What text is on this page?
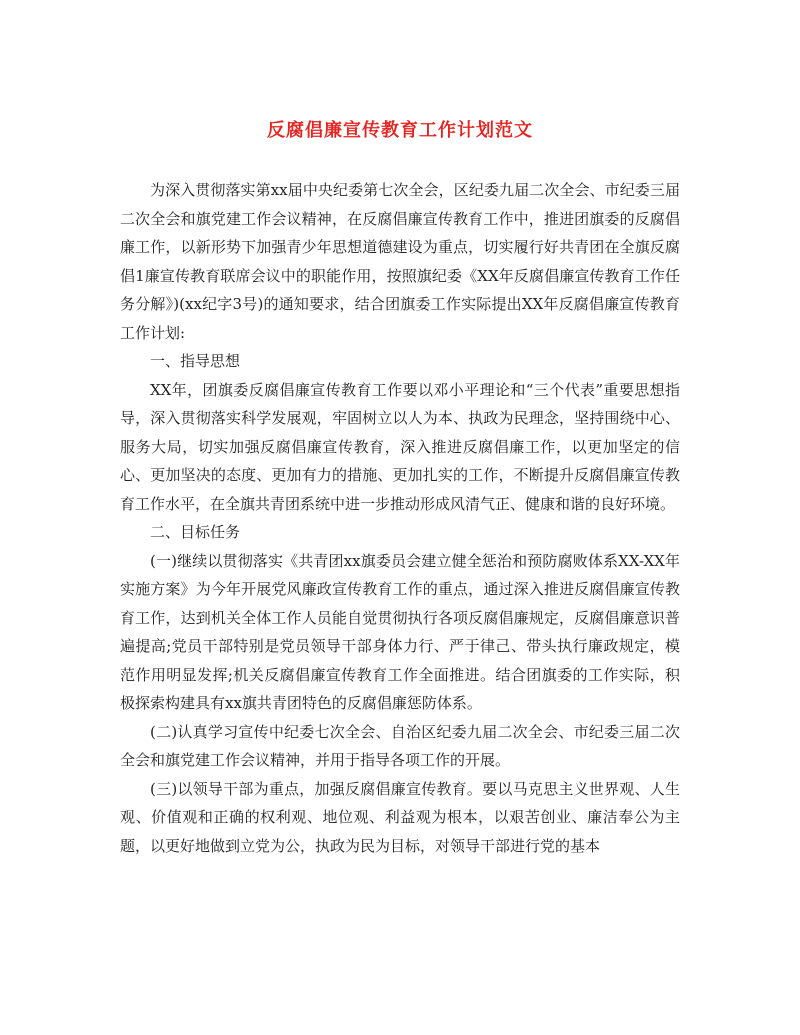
反腐倡廉宣传教育工作计划范文

为深入贯彻落实第xx届中央纪委第七次全会，区纪委九届二次全会、市纪委三届二次全会和旗党建工作会议精神，在反腐倡廉宣传教育工作中，推进团旗委的反腐倡廉工作，以新形势下加强青少年思想道德建设为重点，切实履行好共青团在全旗反腐倡1廉宣传教育联席会议中的职能作用，按照旗纪委《XX年反腐倡廉宣传教育工作任务分解》)(xx纪字3号)的通知要求，结合团旗委工作实际提出XX年反腐倡廉宣传教育工作计划:

一、指导思想

XX年，团旗委反腐倡廉宣传教育工作要以邓小平理论和“三个代表”重要思想指导，深入贯彻落实科学发展观，牢固树立以人为本、执政为民理念，坚持围绕中心、服务大局，切实加强反腐倡廉宣传教育，深入推进反腐倡廉工作，以更加坚定的信心、更加坚决的态度、更加有力的措施、更加扎实的工作，不断提升反腐倡廉宣传教育工作水平，在全旗共青团系统中进一步推动形成风清气正、健康和谐的良好环境。

二、目标任务

(一)继续以贯彻落实《共青团xx旗委员会建立健全惩治和预防腐败体系XX-XX年实施方案》为今年开展党风廉政宣传教育工作的重点，通过深入推进反腐倡廉宣传教育工作，达到机关全体工作人员能自觉贯彻执行各项反腐倡廉规定，反腐倡廉意识普遍提高;党员干部特别是党员领导干部身体力行、严于律己、带头执行廉政规定，模范作用明显发挥;机关反腐倡廉宣传教育工作全面推进。结合团旗委的工作实际，积极探索构建具有xx旗共青团特色的反腐倡廉惩防体系。

(二)认真学习宣传中纪委七次全会、自治区纪委九届二次全会、市纪委三届二次全会和旗党建工作会议精神，并用于指导各项工作的开展。

(三)以领导干部为重点，加强反腐倡廉宣传教育。要以马克思主义世界观、人生观、价值观和正确的权利观、地位观、利益观为根本，以艰苦创业、廉洁奉公为主题，以更好地做到立党为公，执政为民为目标，对领导干部进行党的基本
